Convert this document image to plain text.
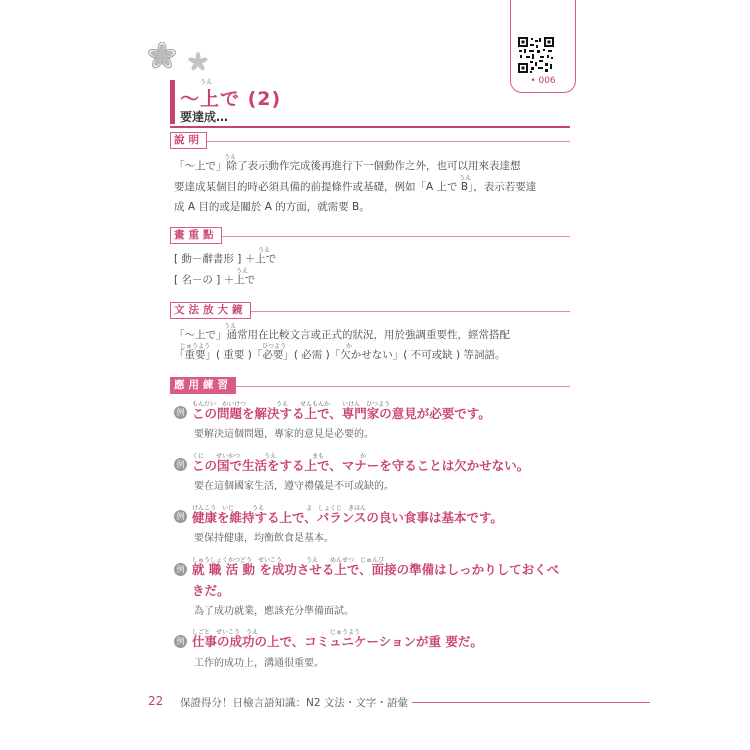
• 006
うえ
～上で (2)
要達成…
說明
うえ
「～上で」除了表示動作完成後再進行下一個動作之外，也可以用來表達想
うえ
要達成某個目的時必須具備的前提條件或基礎，例如「A 上で B」，表示若要達
成 A 目的或是關於 A 的方面，就需要 B。
畫重點
うえ
[ 動－辭書形 ] ＋上で
うえ
[ 名－の ] ＋上で
文法放大鏡
うえ
「～上で」通常用在比較文言或正式的狀況，用於強調重要性，經常搭配
じゅうよう	ひつよう	か
「重要」( 重要 )「必要」( 必需 )「欠かせない」( 不可或缺 ) 等詞語。
應用練習
もんだい　かいけつ　　　　　うえ　　せんもんか　　いけん　ひつよう
例 この問題を解決する上で、専門家の意見が必要です。
要解決這個問題，專家的意見是必要的。
くに　　せいかつ　　　　うえ　　　　　　まも　　　　　　か
例 この国で生活をする上で、マナーを守ることは欠かせない。
要在這個國家生活，遵守禮儀是不可或缺的。
けんこう　いじ　　　うえ　　　　　　　よ　しょくじ　きほん
例 健康を維持する上で、バランスの良い食事は基本です。
要保持健康，均衡飲食是基本。
しゅうしょくかつどう　せいこう　　　　うえ　　めんせつ　じゅんび
例 就 職 活 動 を成功させる上で、面接の準備はしっかりしておくべ
きだ。
為了成功就業，應該充分準備面試。
しごと　せいこう　うえ　　　　　　　　　　　　じゅうよう
例 仕事の成功の上で、コミュニケーションが重 要だ。
工作的成功上，溝通很重要。
22 保證得分！日檢言語知識：N2 文法・文字・語彙
